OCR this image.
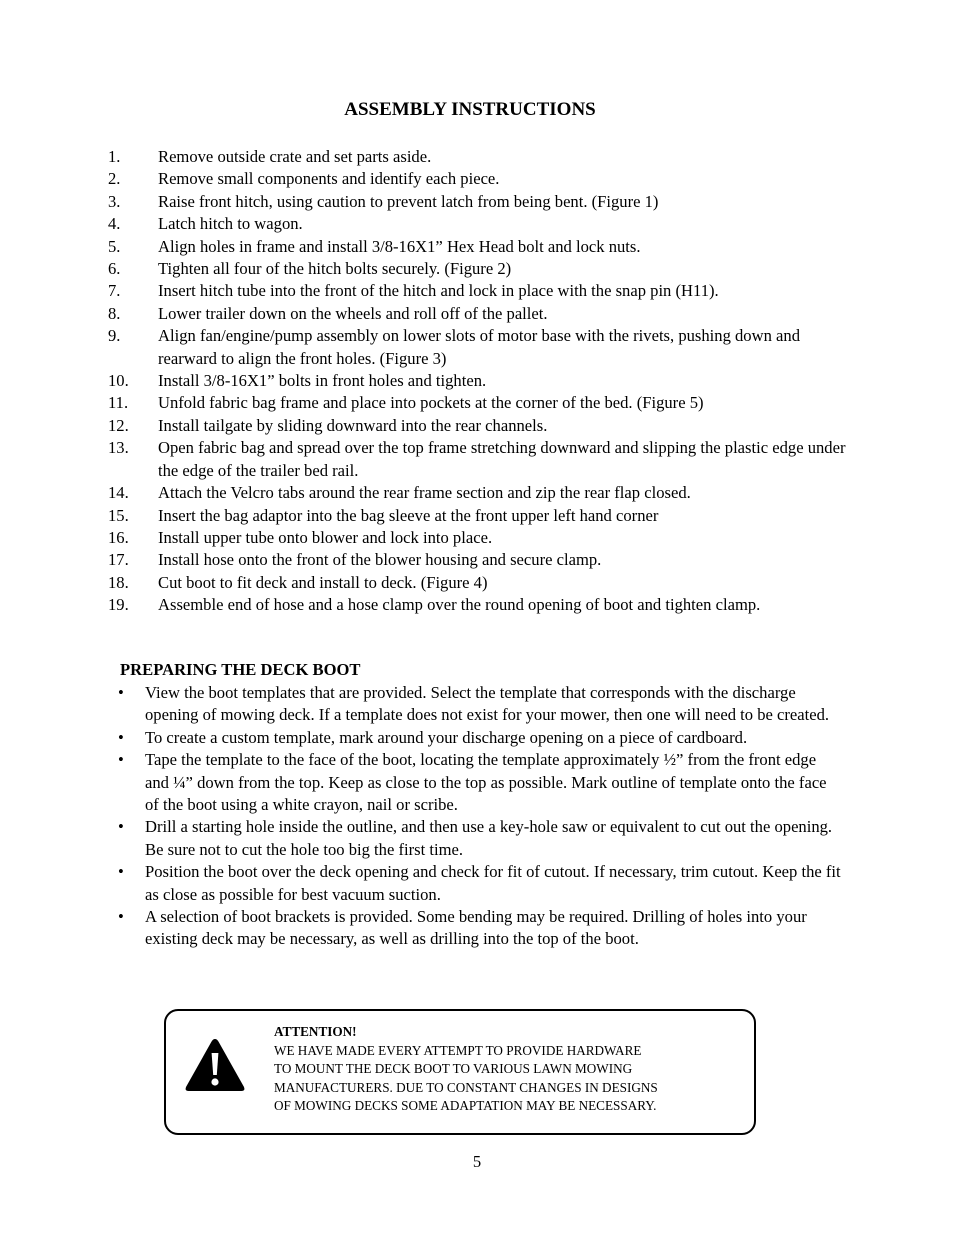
ASSEMBLY INSTRUCTIONS
1. Remove outside crate and set parts aside.
2. Remove small components and identify each piece.
3. Raise front hitch, using caution to prevent latch from being bent. (Figure 1)
4. Latch hitch to wagon.
5. Align holes in frame and install 3/8-16X1” Hex Head bolt and lock nuts.
6. Tighten all four of the hitch bolts securely. (Figure 2)
7. Insert hitch tube into the front of the hitch and lock in place with the snap pin (H11).
8. Lower trailer down on the wheels and roll off of the pallet.
9. Align fan/engine/pump assembly on lower slots of motor base with the rivets, pushing down and rearward to align the front holes. (Figure 3)
10. Install 3/8-16X1” bolts in front holes and tighten.
11. Unfold fabric bag frame and place into pockets at the corner of the bed. (Figure 5)
12. Install tailgate by sliding downward into the rear channels.
13. Open fabric bag and spread over the top frame stretching downward and slipping the plastic edge under the edge of the trailer bed rail.
14. Attach the Velcro tabs around the rear frame section and zip the rear flap closed.
15. Insert the bag adaptor into the bag sleeve at the front upper left hand corner
16. Install upper tube onto blower and lock into place.
17. Install hose onto the front of the blower housing and secure clamp.
18. Cut boot to fit deck and install to deck. (Figure 4)
19. Assemble end of hose and a hose clamp over the round opening of boot and tighten clamp.
PREPARING THE DECK BOOT
• View the boot templates that are provided. Select the template that corresponds with the discharge opening of mowing deck. If a template does not exist for your mower, then one will need to be created.
• To create a custom template, mark around your discharge opening on a piece of cardboard.
• Tape the template to the face of the boot, locating the template approximately ½” from the front edge and ¼” down from the top. Keep as close to the top as possible. Mark outline of template onto the face of the boot using a white crayon, nail or scribe.
• Drill a starting hole inside the outline, and then use a key-hole saw or equivalent to cut out the opening. Be sure not to cut the hole too big the first time.
• Position the boot over the deck opening and check for fit of cutout. If necessary, trim cutout. Keep the fit as close as possible for best vacuum suction.
• A selection of boot brackets is provided. Some bending may be required. Drilling of holes into your existing deck may be necessary, as well as drilling into the top of the boot.
ATTENTION!
WE HAVE MADE EVERY ATTEMPT TO PROVIDE HARDWARE
TO MOUNT THE DECK BOOT TO VARIOUS LAWN MOWING
MANUFACTURERS. DUE TO CONSTANT CHANGES IN DESIGNS
OF MOWING DECKS SOME ADAPTATION MAY BE NECESSARY.
5
